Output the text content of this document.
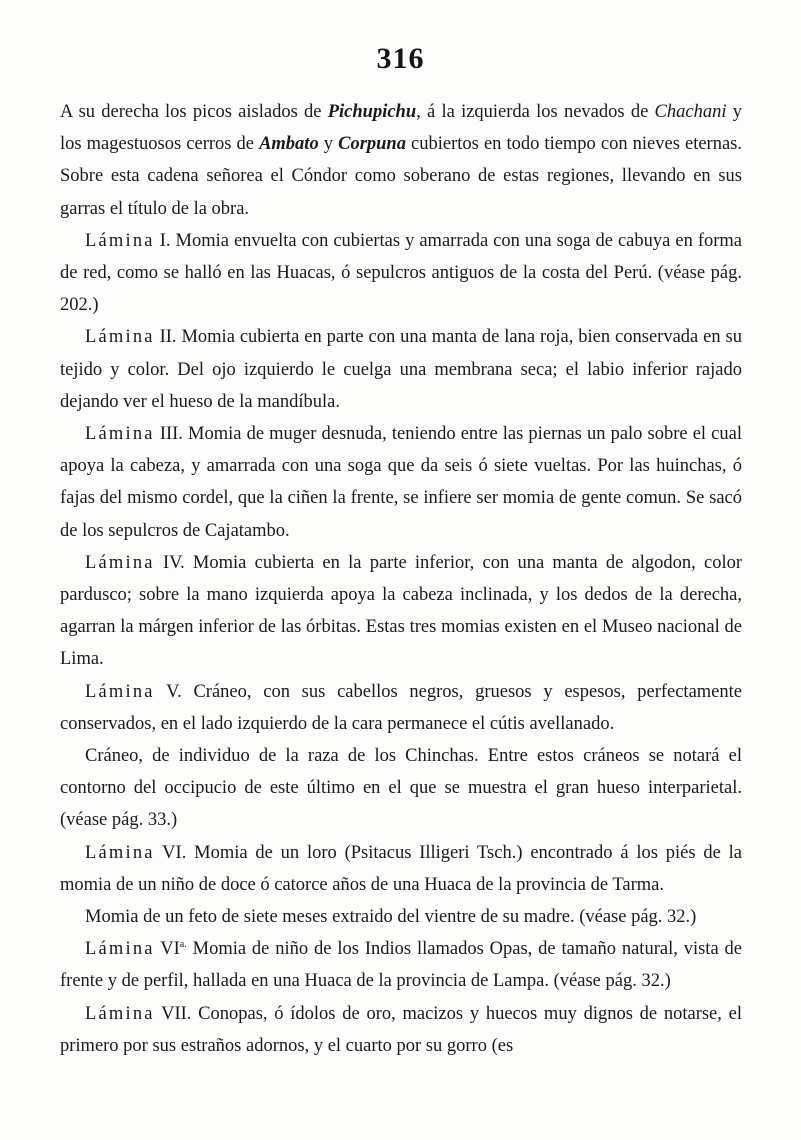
316

A su derecha los picos aislados de Pichupichu, á la izquierda los nevados de Chachani y los magestuosos cerros de Ambato y Corpuna cubiertos en todo tiempo con nieves eternas. Sobre esta cadena señorea el Cóndor como soberano de estas regiones, llevando en sus garras el título de la obra.

Lámina I. Momia envuelta con cubiertas y amarrada con una soga de cabuya en forma de red, como se halló en las Huacas, ó sepulcros antiguos de la costa del Perú. (véase pág. 202.)

Lámina II. Momia cubierta en parte con una manta de lana roja, bien conservada en su tejido y color. Del ojo izquierdo le cuelga una membrana seca; el labio inferior rajado dejando ver el hueso de la mandíbula.

Lámina III. Momia de muger desnuda, teniendo entre las piernas un palo sobre el cual apoya la cabeza, y amarrada con una soga que da seis ó siete vueltas. Por las huinchas, ó fajas del mismo cordel, que la ciñen la frente, se infiere ser momia de gente comun. Se sacó de los sepulcros de Cajatambo.

Lámina IV. Momia cubierta en la parte inferior, con una manta de algodon, color pardusco; sobre la mano izquierda apoya la cabeza inclinada, y los dedos de la derecha, agarran la márgen inferior de las órbitas. Estas tres momias existen en el Museo nacional de Lima.

Lámina V. Cráneo, con sus cabellos negros, gruesos y espesos, perfectamente conservados, en el lado izquierdo de la cara permanece el cútis avellanado.

Cráneo, de individuo de la raza de los Chinchas. Entre estos cráneos se notará el contorno del occipucio de este último en el que se muestra el gran hueso interparietal. (véase pág. 33.)

Lámina VI. Momia de un loro (Psitacus Illigeri Tsch.) encontrado á los piés de la momia de un niño de doce ó catorce años de una Huaca de la provincia de Tarma.

Momia de un feto de siete meses extraido del vientre de su madre. (véase pág. 32.)

Lámina $VI^{a.}$ Momia de niño de los Indios llamados Opas, de tamaño natural, vista de frente y de perfil, hallada en una Huaca de la provincia de Lampa. (véase pág. 32.)

Lámina VII. Conopas, ó ídolos de oro, macizos y huecos muy dignos de notarse, el primero por sus estraños adornos, y el cuarto por su gorro (es
